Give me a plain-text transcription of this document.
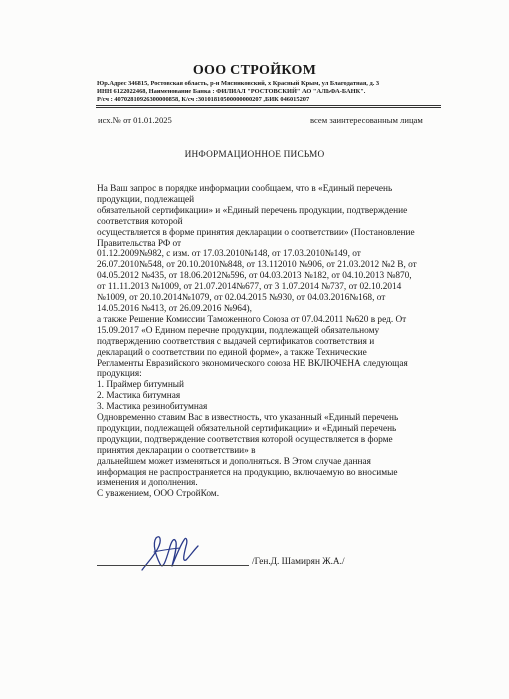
ООО СТРОЙКОМ
Юр.Адрес 346815, Ростовская область, р-н Мясниковский, х Красный Крым, ул Благодатная, д. 3
ИНН 6122022468, Наименование Банка : ФИЛИАЛ "РОСТОВСКИЙ" АО "АЛЬФА-БАНК".
Р/сч : 40702810926300000858, К/сч :30101810500000000207 ,БИК 046015207
исх.№ от 01.01.2025	всем заинтересованным лицам
ИНФОРМАЦИОННОЕ ПИСЬМО
На Ваш запрос в порядке информации сообщаем, что в «Единый перечень
продукции, подлежащей
обязательной сертификации» и «Единый перечень продукции, подтверждение
соответствия которой
осуществляется в форме принятия декларации о соответствии» (Постановление
Правительства РФ от
01.12.2009№982, с изм. от 17.03.2010№148, от 17.03.2010№149, от
26.07.2010№548, от 20.10.2010№848, от 13.112010 №906, от 21.03.2012 №2 В, от
04.05.2012 №435, от 18.06.2012№596, от 04.03.2013 №182, от 04.10.2013 №870,
от 11.11.2013 №1009, от 21.07.2014№677, от 3 1.07.2014 №737, от 02.10.2014
№1009, от 20.10.2014№1079, от 02.04.2015 №930, от 04.03.2016№168, от
14.05.2016 №413, от 26.09.2016 №964),
а также Решение Комиссии Таможенного Союза от 07.04.2011 №620 в ред. От
15.09.2017 «О Едином перечне продукции, подлежащей обязательному
подтверждению соответствия с выдачей сертификатов соответствия и
деклараций о соответствии по единой форме», а также Технические
Регламенты Евразийского экономического союза НЕ ВКЛЮЧЕНА следующая
продукция:
1. Праймер битумный
2. Мастика битумная
3. Мастика резинобитумная
Одновременно ставим Вас в известность, что указанный «Единый перечень
продукции, подлежащей обязательной сертификации» и «Единый перечень
продукции, подтверждение соответствия которой осуществляется в форме
принятия декларации о соответствии» в
дальнейшем может изменяться и дополняться. В Этом случае данная
информация не распространяется на продукцию, включаемую во вносимые
изменения и дополнения.
С уважением, ООО СтройКом.
/Ген.Д. Шамирян Ж.А./
